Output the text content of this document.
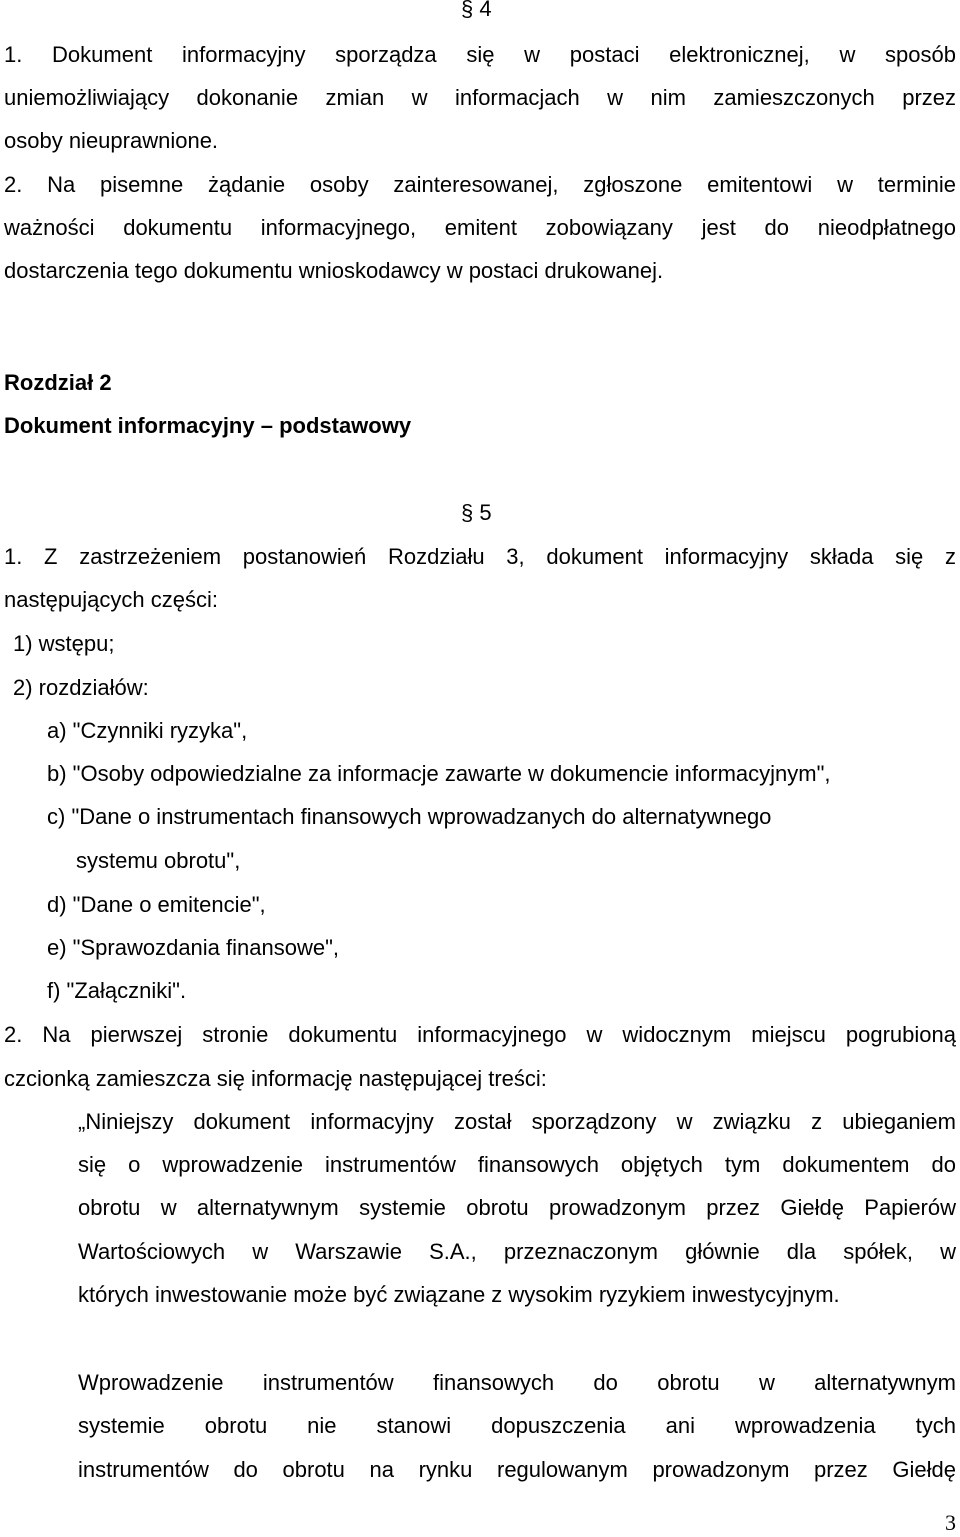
§ 4
1. Dokument informacyjny sporządza się w postaci elektronicznej, w sposób
uniemożliwiający dokonanie zmian w informacjach w nim zamieszczonych przez
osoby nieuprawnione.
2. Na pisemne żądanie osoby zainteresowanej, zgłoszone emitentowi w terminie
ważności dokumentu informacyjnego, emitent zobowiązany jest do nieodpłatnego
dostarczenia tego dokumentu wnioskodawcy w postaci drukowanej.
Rozdział 2
Dokument informacyjny – podstawowy
§ 5
1. Z zastrzeżeniem postanowień Rozdziału 3, dokument informacyjny składa się z
następujących części:
1) wstępu;
2) rozdziałów:
a) "Czynniki ryzyka",
b) "Osoby odpowiedzialne za informacje zawarte w dokumencie informacyjnym",
c) "Dane o instrumentach finansowych wprowadzanych do alternatywnego
systemu obrotu",
d) "Dane o emitencie",
e) "Sprawozdania finansowe",
f) "Załączniki".
2. Na pierwszej stronie dokumentu informacyjnego w widocznym miejscu pogrubioną
czcionką zamieszcza się informację następującej treści:
„Niniejszy dokument informacyjny został sporządzony w związku z ubieganiem
się o wprowadzenie instrumentów finansowych objętych tym dokumentem do
obrotu w alternatywnym systemie obrotu prowadzonym przez Giełdę Papierów
Wartościowych w Warszawie S.A., przeznaczonym głównie dla spółek, w
których inwestowanie może być związane z wysokim ryzykiem inwestycyjnym.
Wprowadzenie instrumentów finansowych do obrotu w alternatywnym
systemie obrotu nie stanowi dopuszczenia ani wprowadzenia tych
instrumentów do obrotu na rynku regulowanym prowadzonym przez Giełdę
3
